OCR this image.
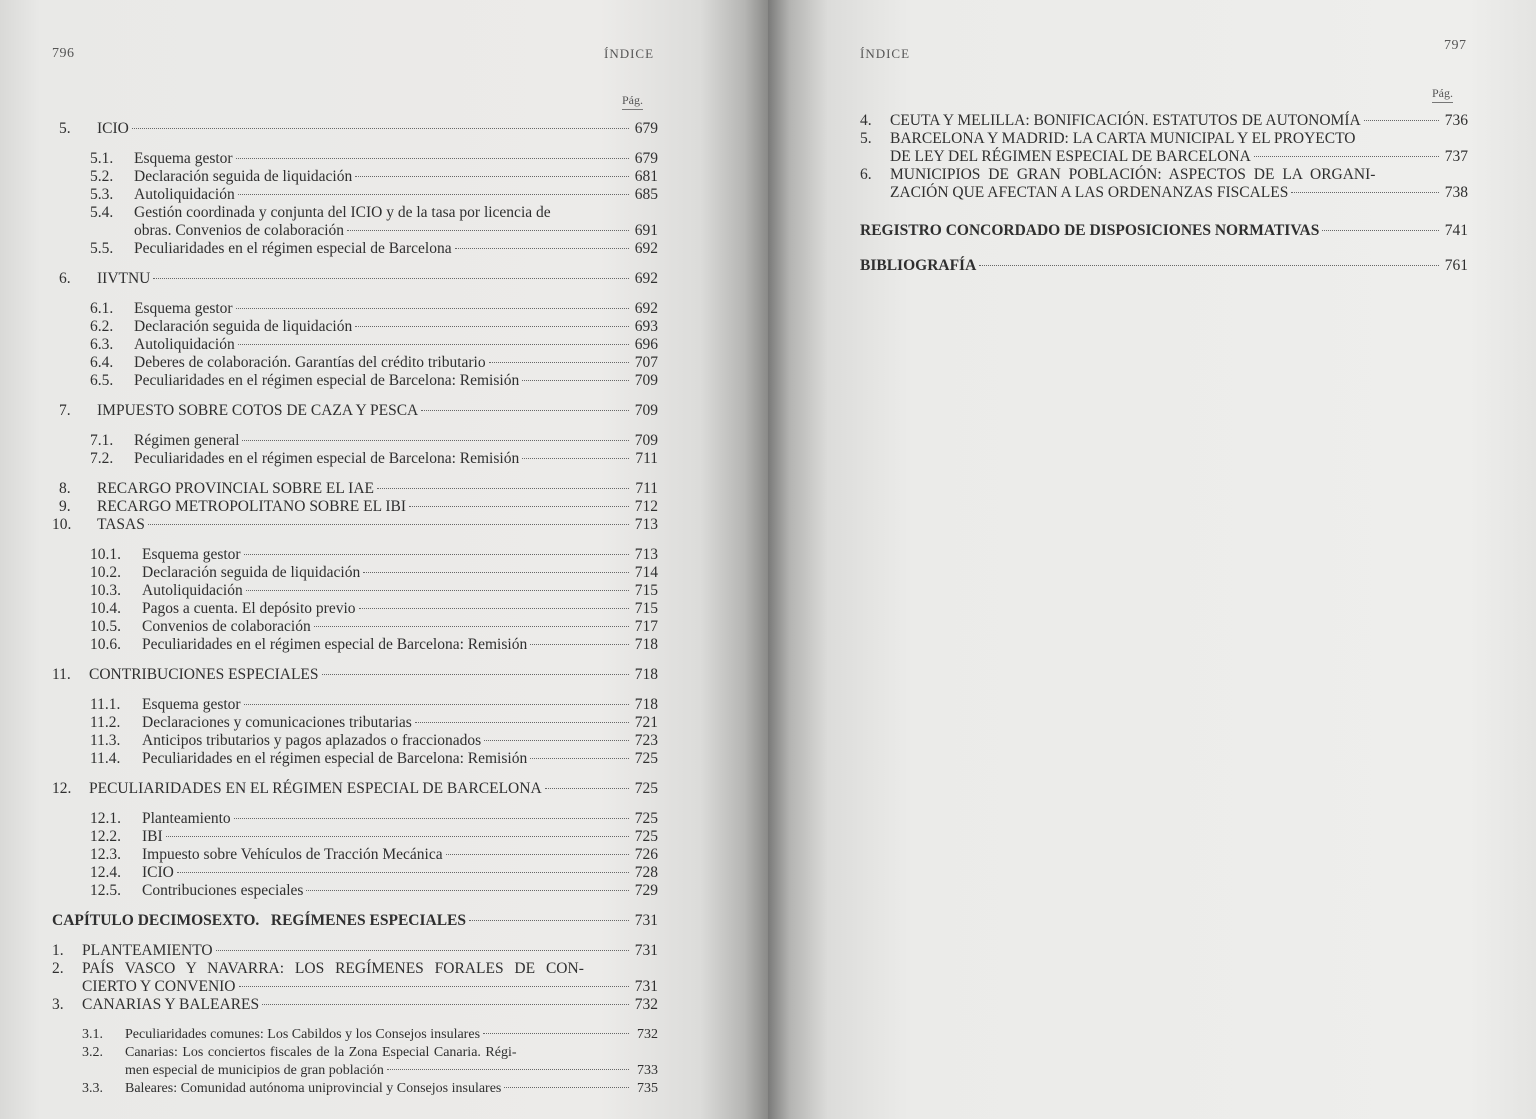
796	ÍNDICE
Pág.
5.	ICIO	679
5.1.	Esquema gestor	679
5.2.	Declaración seguida de liquidación	681
5.3.	Autoliquidación	685
5.4.	Gestión coordinada y conjunta del ICIO y de la tasa por licencia de
obras. Convenios de colaboración	691
5.5.	Peculiaridades en el régimen especial de Barcelona	692
6.	IIVTNU	692
6.1.	Esquema gestor	692
6.2.	Declaración seguida de liquidación	693
6.3.	Autoliquidación	696
6.4.	Deberes de colaboración. Garantías del crédito tributario	707
6.5.	Peculiaridades en el régimen especial de Barcelona: Remisión	709
7.	IMPUESTO SOBRE COTOS DE CAZA Y PESCA	709
7.1.	Régimen general	709
7.2.	Peculiaridades en el régimen especial de Barcelona: Remisión	711
8.	RECARGO PROVINCIAL SOBRE EL IAE	711
9.	RECARGO METROPOLITANO SOBRE EL IBI	712
10.	TASAS	713
10.1.	Esquema gestor	713
10.2.	Declaración seguida de liquidación	714
10.3.	Autoliquidación	715
10.4.	Pagos a cuenta. El depósito previo	715
10.5.	Convenios de colaboración	717
10.6.	Peculiaridades en el régimen especial de Barcelona: Remisión	718
11.	CONTRIBUCIONES ESPECIALES	718
11.1.	Esquema gestor	718
11.2.	Declaraciones y comunicaciones tributarias	721
11.3.	Anticipos tributarios y pagos aplazados o fraccionados	723
11.4.	Peculiaridades en el régimen especial de Barcelona: Remisión	725
12.	PECULIARIDADES EN EL RÉGIMEN ESPECIAL DE BARCELONA	725
12.1.	Planteamiento	725
12.2.	IBI	725
12.3.	Impuesto sobre Vehículos de Tracción Mecánica	726
12.4.	ICIO	728
12.5.	Contribuciones especiales	729
CAPÍTULO DECIMOSEXTO.   REGÍMENES ESPECIALES	731
1.	PLANTEAMIENTO	731
2.	PAÍS VASCO Y NAVARRA: LOS REGÍMENES FORALES DE CON-
CIERTO Y CONVENIO	731
3.	CANARIAS Y BALEARES	732
3.1.	Peculiaridades comunes: Los Cabildos y los Consejos insulares	732
3.2.	Canarias: Los conciertos fiscales de la Zona Especial Canaria. Régi-
men especial de municipios de gran población	733
3.3.	Baleares: Comunidad autónoma uniprovincial y Consejos insulares	735
ÍNDICE
797
Pág.
4.	CEUTA Y MELILLA: BONIFICACIÓN. ESTATUTOS DE AUTONOMÍA	736
5.	BARCELONA Y MADRID: LA CARTA MUNICIPAL Y EL PROYECTO
DE LEY DEL RÉGIMEN ESPECIAL DE BARCELONA	737
6.	MUNICIPIOS DE GRAN POBLACIÓN: ASPECTOS DE LA ORGANI-
ZACIÓN QUE AFECTAN A LAS ORDENANZAS FISCALES	738
REGISTRO CONCORDADO DE DISPOSICIONES NORMATIVAS	741
BIBLIOGRAFÍA	761
